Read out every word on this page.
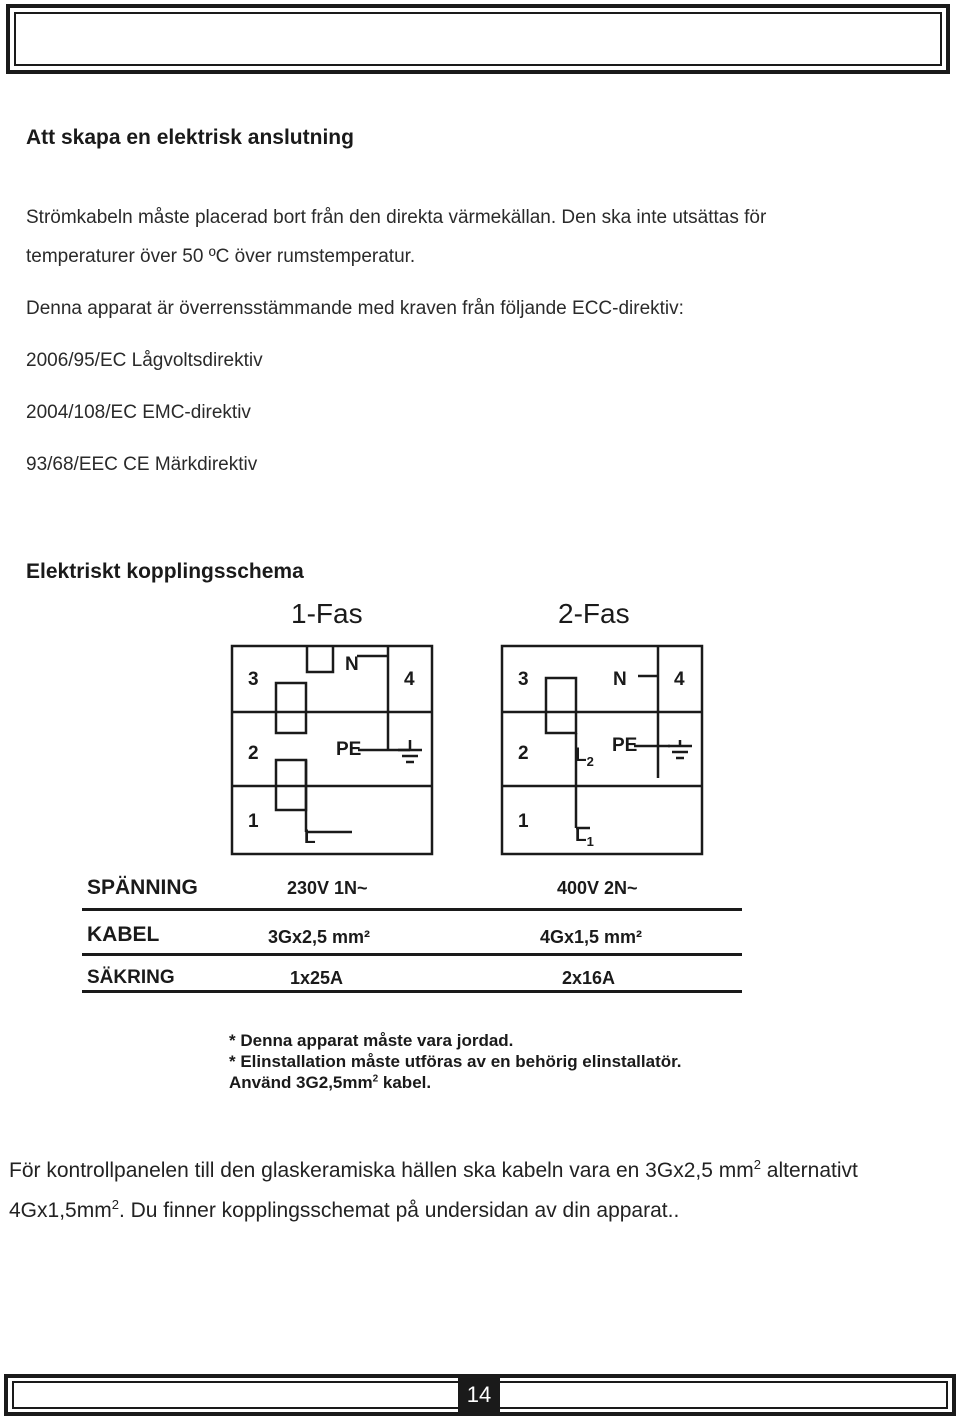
Att skapa en elektrisk anslutning
Strömkabeln måste placerad bort från den direkta värmekällan. Den ska inte utsättas för
temperaturer över 50 ºC över rumstemperatur.
Denna apparat är överrensstämmande med kraven från följande ECC-direktiv:
2006/95/EC Lågvoltsdirektiv
2004/108/EC EMC-direktiv
93/68/EEC CE Märkdirektiv
Elektriskt kopplingsschema
1-Fas	2-Fas
3
N
4
2	PE
1
L
3	N 4
2 $L_2$
PE
1
$L_1$
SPÄNNING	230V 1N~	400V 2N~
KABEL	3Gx2,5 mm²	4Gx1,5 mm²
SÄKRING	1x25A	2x16A
* Denna apparat måste vara jordad.
* Elinstallation måste utföras av en behörig elinstallatör.
Använd $3G2,5mm^2$ kabel.
För kontrollpanelen till den glaskeramiska hällen ska kabeln vara en 3Gx2,5 $mm^2$ alternativt
$4Gx1,5mm^2$. Du finner kopplingsschemat på undersidan av din apparat..
14
